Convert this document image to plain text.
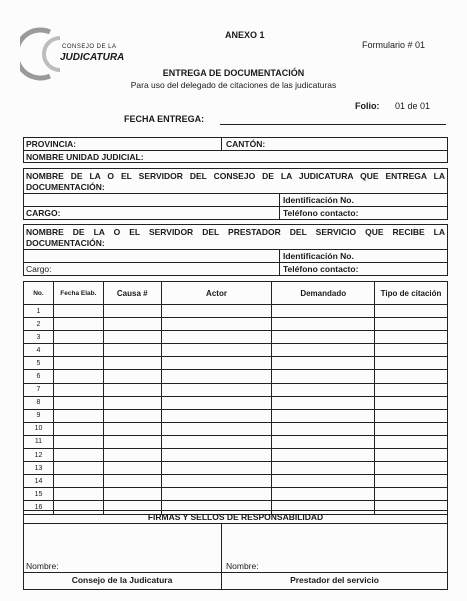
CONSEJO DE LA
JUDICATURA
ANEXO 1
Formulario # 01
ENTREGA DE DOCUMENTACIÓN
Para uso del delegado de citaciones de las judicaturas
Folio: 01 de 01
FECHA ENTREGA:
PROVINCIA:	CANTÓN:
NOMBRE UNIDAD JUDICIAL:
NOMBRE DE LA O EL SERVIDOR DEL CONSEJO DE LA JUDICATURA QUE ENTREGA LA
DOCUMENTACIÓN:
Identificación No.
CARGO:	Teléfono contacto:
NOMBRE DE LA O EL SERVIDOR DEL PRESTADOR DEL SERVICIO QUE RECIBE LA
DOCUMENTACIÓN:
Identificación No.
Cargo:	Teléfono contacto:
No.	Fecha Elab.	Causa #	Actor	Demandado	Tipo de citación
1					
2					
3					
4					
5					
6					
7					
8					
9					
10					
11					
12					
13					
14					
15					
16					
FIRMAS Y SELLOS DE RESPONSABILIDAD
Nombre:	Nombre:
Consejo de la Judicatura	Prestador del servicio
